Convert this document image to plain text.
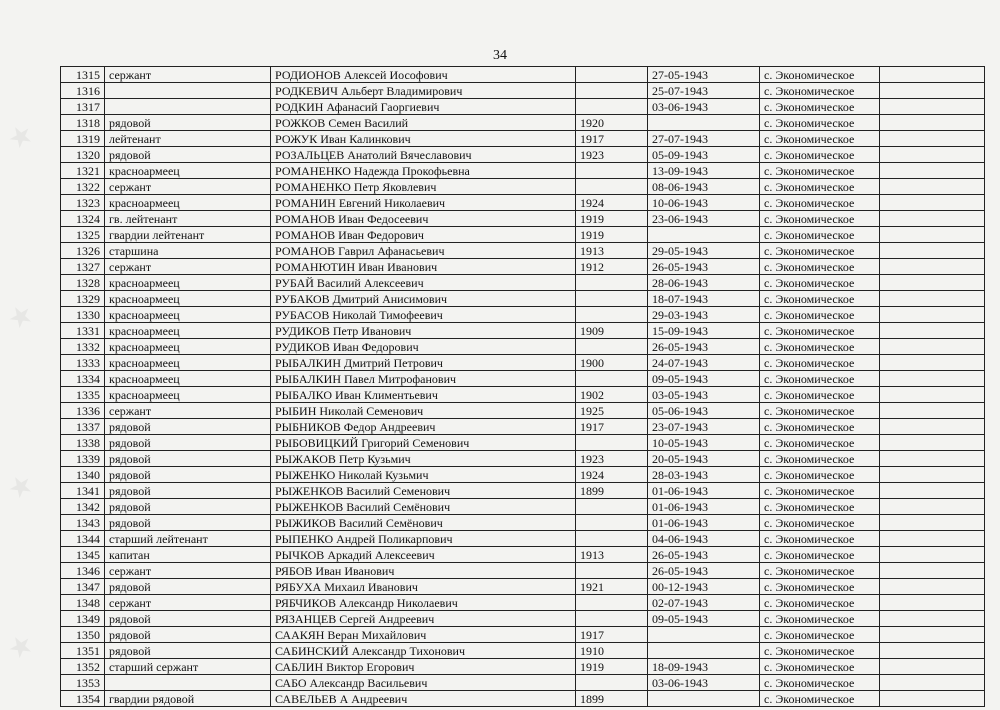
34
1315	сержант	РОДИОНОВ Алексей Иософович		27-05-1943	с. Экономическое	
1316		РОДКЕВИЧ Альберт Владимирович		25-07-1943	с. Экономическое	
1317		РОДКИН Афанасий Гаоргиевич		03-06-1943	с. Экономическое	
1318	рядовой	РОЖКОВ Семен Василий	1920		с. Экономическое	
1319	лейтенант	РОЖУК Иван Калинкович	1917	27-07-1943	с. Экономическое	
1320	рядовой	РОЗАЛЬЦЕВ Анатолий Вячеславович	1923	05-09-1943	с. Экономическое	
1321	красноармеец	РОМАНЕНКО Надежда Прокофьевна		13-09-1943	с. Экономическое	
1322	сержант	РОМАНЕНКО Петр Яковлевич		08-06-1943	с. Экономическое	
1323	красноармеец	РОМАНИН Евгений Николаевич	1924	10-06-1943	с. Экономическое	
1324	гв. лейтенант	РОМАНОВ Иван Федосеевич	1919	23-06-1943	с. Экономическое	
1325	гвардии лейтенант	РОМАНОВ Иван Федорович	1919		с. Экономическое	
1326	старшина	РОМАНОВ Гаврил Афанасьевич	1913	29-05-1943	с. Экономическое	
1327	сержант	РОМАНЮТИН Иван Иванович	1912	26-05-1943	с. Экономическое	
1328	красноармеец	РУБАЙ Василий Алексеевич		28-06-1943	с. Экономическое	
1329	красноармеец	РУБАКОВ Дмитрий Анисимович		18-07-1943	с. Экономическое	
1330	красноармеец	РУБАСОВ Николай Тимофеевич		29-03-1943	с. Экономическое	
1331	красноармеец	РУДИКОВ Петр Иванович	1909	15-09-1943	с. Экономическое	
1332	красноармеец	РУДИКОВ Иван Федорович		26-05-1943	с. Экономическое	
1333	красноармеец	РЫБАЛКИН Дмитрий Петрович	1900	24-07-1943	с. Экономическое	
1334	красноармеец	РЫБАЛКИН Павел Митрофанович		09-05-1943	с. Экономическое	
1335	красноармеец	РЫБАЛКО Иван Климентьевич	1902	03-05-1943	с. Экономическое	
1336	сержант	РЫБИН Николай Семенович	1925	05-06-1943	с. Экономическое	
1337	рядовой	РЫБНИКОВ Федор Андреевич	1917	23-07-1943	с. Экономическое	
1338	рядовой	РЫБОВИЦКИЙ Григорий Семенович		10-05-1943	с. Экономическое	
1339	рядовой	РЫЖАКОВ Петр Кузьмич	1923	20-05-1943	с. Экономическое	
1340	рядовой	РЫЖЕНКО Николай Кузьмич	1924	28-03-1943	с. Экономическое	
1341	рядовой	РЫЖЕНКОВ Василий Семенович	1899	01-06-1943	с. Экономическое	
1342	рядовой	РЫЖЕНКОВ Василий Семёнович		01-06-1943	с. Экономическое	
1343	рядовой	РЫЖИКОВ Василий Семёнович		01-06-1943	с. Экономическое	
1344	старший лейтенант	РЫПЕНКО Андрей Поликарпович		04-06-1943	с. Экономическое	
1345	капитан	РЫЧКОВ Аркадий Алексеевич	1913	26-05-1943	с. Экономическое	
1346	сержант	РЯБОВ Иван Иванович		26-05-1943	с. Экономическое	
1347	рядовой	РЯБУХА Михаил Иванович	1921	00-12-1943	с. Экономическое	
1348	сержант	РЯБЧИКОВ Александр Николаевич		02-07-1943	с. Экономическое	
1349	рядовой	РЯЗАНЦЕВ Сергей Андреевич		09-05-1943	с. Экономическое	
1350	рядовой	СААКЯН Веран Михайлович	1917		с. Экономическое	
1351	рядовой	САБИНСКИЙ Александр Тихонович	1910		с. Экономическое	
1352	старший сержант	САБЛИН Виктор Егорович	1919	18-09-1943	с. Экономическое	
1353		САБО Александр Васильевич		03-06-1943	с. Экономическое	
1354	гвардии рядовой	САВЕЛЬЕВ А Андреевич	1899		с. Экономическое	
★
★
★
★
